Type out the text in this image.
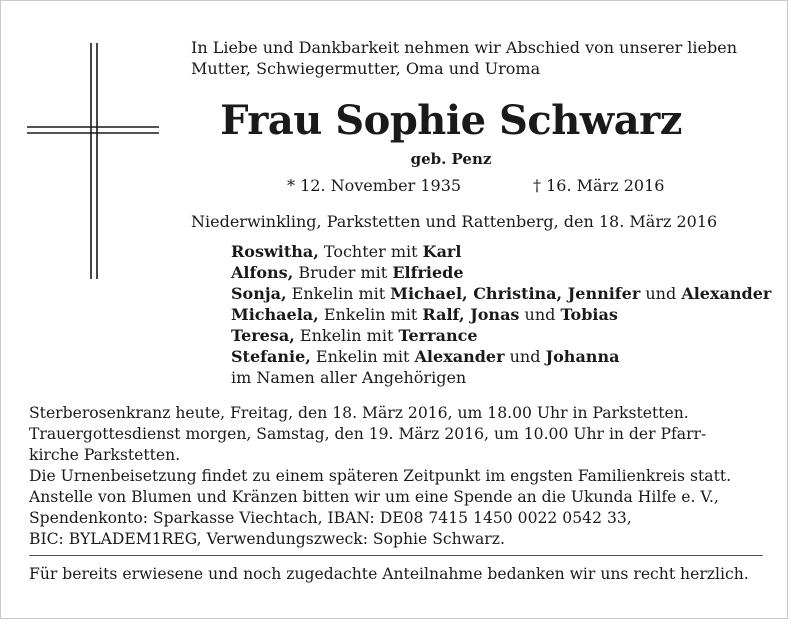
In Liebe und Dankbarkeit nehmen wir Abschied von unserer lieben
Mutter, Schwiegermutter, Oma und Uroma
Frau Sophie Schwarz
geb. Penz
* 12. November 1935	† 16. März 2016
Niederwinkling, Parkstetten und Rattenberg, den 18. März 2016
Roswitha, Tochter mit Karl
Alfons, Bruder mit Elfriede
Sonja, Enkelin mit Michael, Christina, Jennifer und Alexander
Michaela, Enkelin mit Ralf, Jonas und Tobias
Teresa, Enkelin mit Terrance
Stefanie, Enkelin mit Alexander und Johanna
im Namen aller Angehörigen
Sterberosenkranz heute, Freitag, den 18. März 2016, um 18.00 Uhr in Parkstetten.
Trauergottesdienst morgen, Samstag, den 19. März 2016, um 10.00 Uhr in der Pfarr-
kirche Parkstetten.
Die Urnenbeisetzung findet zu einem späteren Zeitpunkt im engsten Familienkreis statt.
Anstelle von Blumen und Kränzen bitten wir um eine Spende an die Ukunda Hilfe e. V.,
Spendenkonto: Sparkasse Viechtach, IBAN: DE08 7415 1450 0022 0542 33,
BIC: BYLADEM1REG, Verwendungszweck: Sophie Schwarz.
Für bereits erwiesene und noch zugedachte Anteilnahme bedanken wir uns recht herzlich.
